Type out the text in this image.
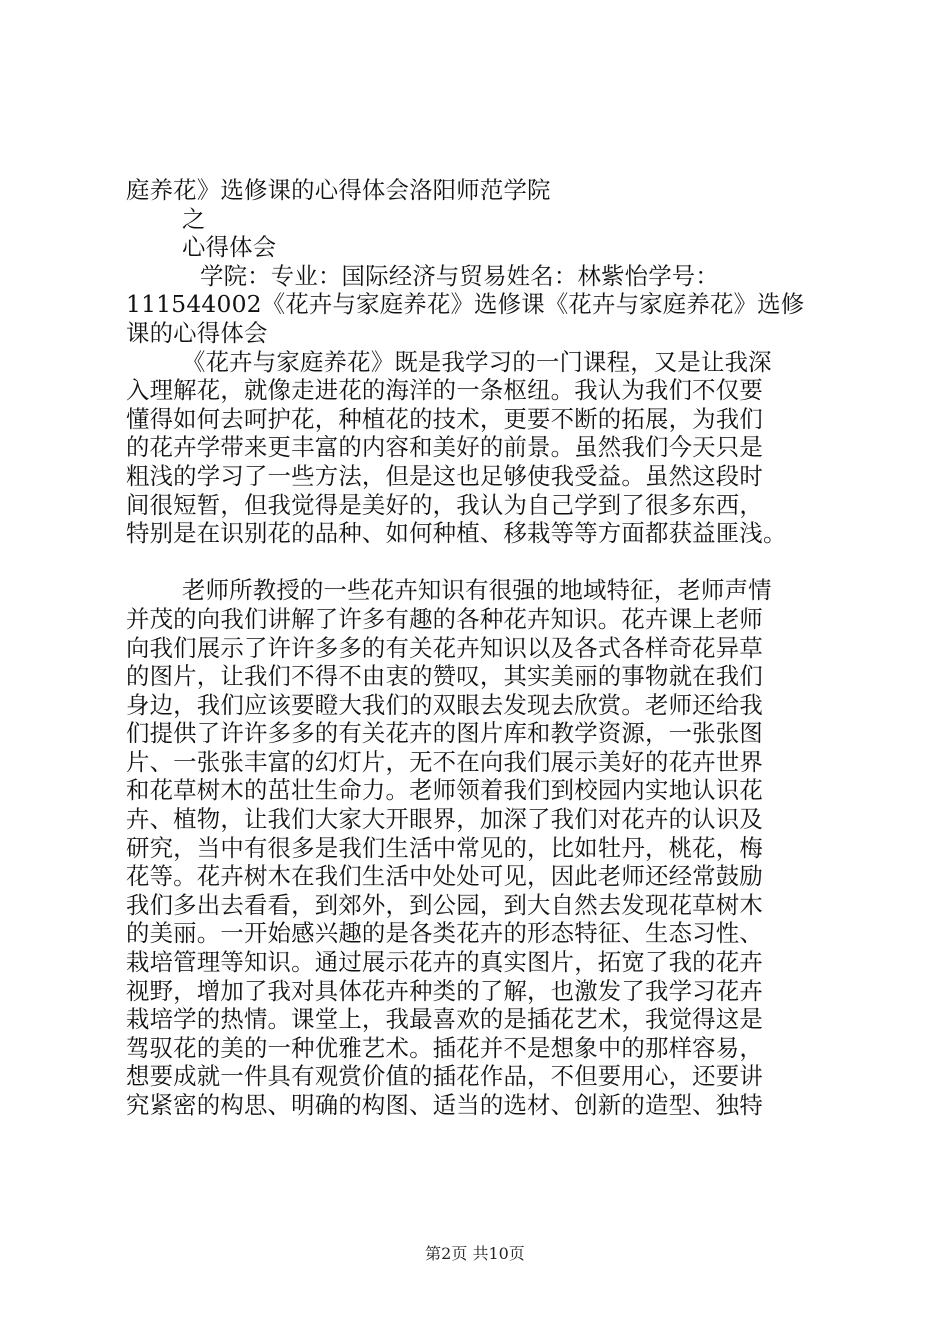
庭养花》选修课的心得体会洛阳师范学院
之
心得体会
学院：专业：国际经济与贸易姓名：林紫怡学号：
111544002《花卉与家庭养花》选修课《花卉与家庭养花》选修
课的心得体会
《花卉与家庭养花》既是我学习的一门课程，又是让我深
入理解花，就像走进花的海洋的一条枢纽。我认为我们不仅要
懂得如何去呵护花，种植花的技术，更要不断的拓展，为我们
的花卉学带来更丰富的内容和美好的前景。虽然我们今天只是
粗浅的学习了一些方法，但是这也足够使我受益。虽然这段时
间很短暂，但我觉得是美好的，我认为自己学到了很多东西，
特别是在识别花的品种、如何种植、移栽等等方面都获益匪浅。
老师所教授的一些花卉知识有很强的地域特征，老师声情
并茂的向我们讲解了许多有趣的各种花卉知识。花卉课上老师
向我们展示了许许多多的有关花卉知识以及各式各样奇花异草
的图片，让我们不得不由衷的赞叹，其实美丽的事物就在我们
身边，我们应该要瞪大我们的双眼去发现去欣赏。老师还给我
们提供了许许多多的有关花卉的图片库和教学资源，一张张图
片、一张张丰富的幻灯片，无不在向我们展示美好的花卉世界
和花草树木的茁壮生命力。老师领着我们到校园内实地认识花
卉、植物，让我们大家大开眼界，加深了我们对花卉的认识及
研究，当中有很多是我们生活中常见的，比如牡丹，桃花，梅
花等。花卉树木在我们生活中处处可见，因此老师还经常鼓励
我们多出去看看，到郊外，到公园，到大自然去发现花草树木
的美丽。一开始感兴趣的是各类花卉的形态特征、生态习性、
栽培管理等知识。通过展示花卉的真实图片，拓宽了我的花卉
视野，增加了我对具体花卉种类的了解，也激发了我学习花卉
栽培学的热情。课堂上，我最喜欢的是插花艺术，我觉得这是
驾驭花的美的一种优雅艺术。插花并不是想象中的那样容易，
想要成就一件具有观赏价值的插花作品，不但要用心，还要讲
究紧密的构思、明确的构图、适当的选材、创新的造型、独特
第2页 共10页
